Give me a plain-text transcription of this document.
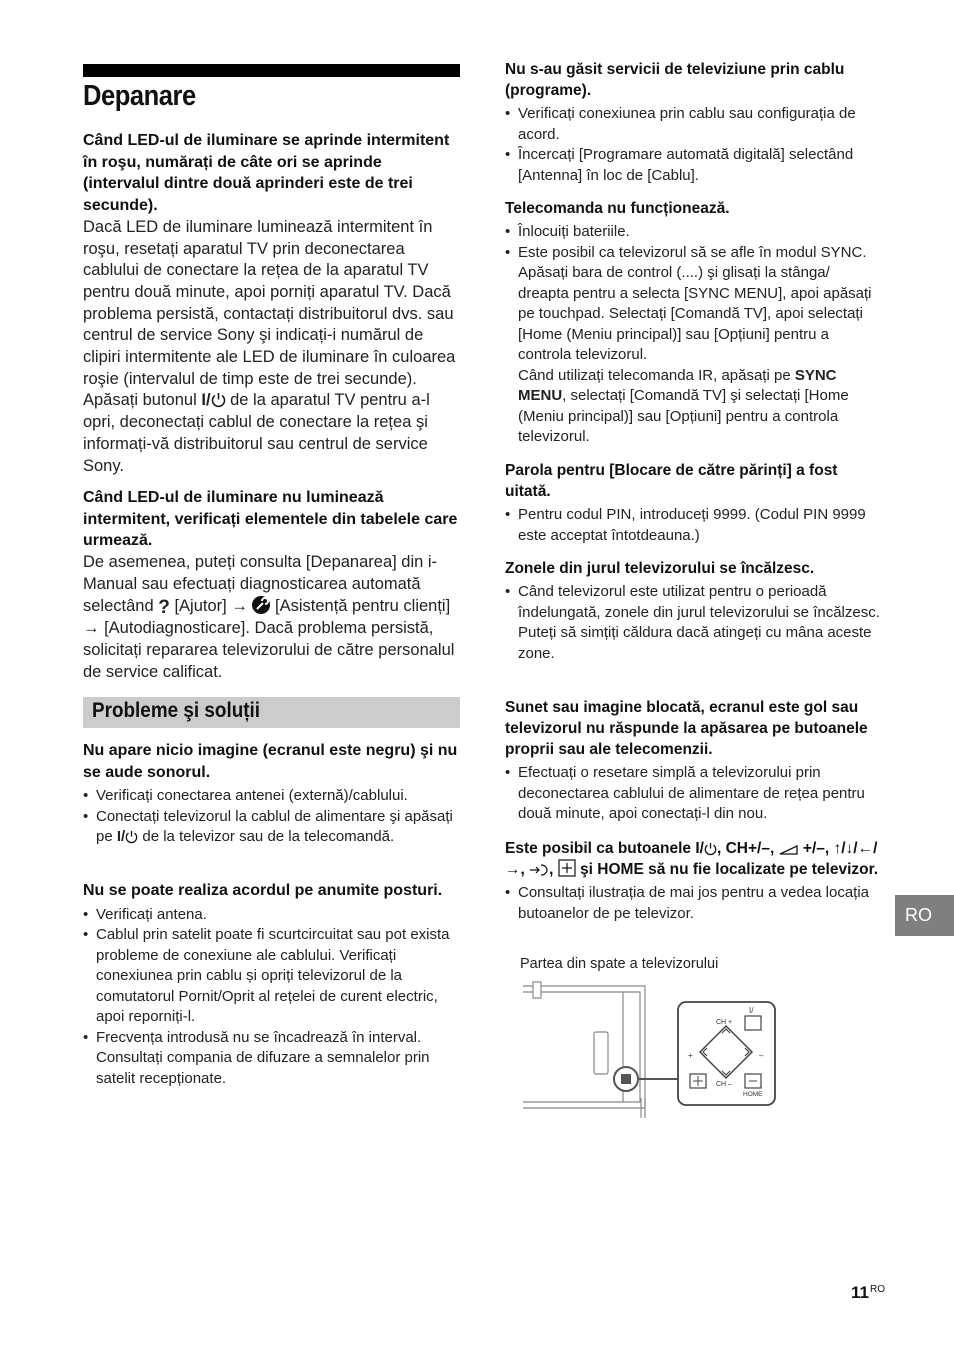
Depanare
Când LED-ul de iluminare se aprinde intermitent în roşu, numărați de câte ori se aprinde (intervalul dintre două aprinderi este de trei secunde).
Dacă LED de iluminare luminează intermitent în roşu, resetați aparatul TV prin deconectarea cablului de conectare la rețea de la aparatul TV pentru două minute, apoi porniți aparatul TV. Dacă problema persistă, contactați distribuitorul dvs. sau centrul de service Sony şi indicați-i numărul de clipiri intermitente ale LED de iluminare în culoarea roşie (intervalul de timp este de trei secunde). Apăsați butonul I/ de la aparatul TV pentru a-l opri, deconectați cablul de conectare la rețea şi informați-vă distribuitorul sau centrul de service Sony.
Când LED-ul de iluminare nu luminează intermitent, verificați elementele din tabelele care urmează.
De asemenea, puteți consulta [Depanarea] din i-Manual sau efectuați diagnosticarea automată selectând ? [Ajutor] → [Asistență pentru clienți] → [Autodiagnosticare]. Dacă problema persistă, solicitați repararea televizorului de către personalul de service calificat.
Probleme şi soluții
Nu apare nicio imagine (ecranul este negru) şi nu se aude sonorul.
• Verificați conectarea antenei (externă)/cablului.
• Conectați televizorul la cablul de alimentare şi apăsați pe I/ de la televizor sau de la telecomandă.
Nu se poate realiza acordul pe anumite posturi.
• Verificați antena.
• Cablul prin satelit poate fi scurtcircuitat sau pot exista probleme de conexiune ale cablului. Verificați conexiunea prin cablu și opriți televizorul de la comutatorul Pornit/Oprit al rețelei de curent electric, apoi reporniți-l.
• Frecvența introdusă nu se încadrează în interval. Consultați compania de difuzare a semnalelor prin satelit recepționate.
Nu s-au găsit servicii de televiziune prin cablu (programe).
• Verificați conexiunea prin cablu sau configurația de acord.
• Încercați [Programare automată digitală] selectând [Antenna] în loc de [Cablu].
Telecomanda nu funcționează.
• Înlocuiți bateriile.
• Este posibil ca televizorul să se afle în modul SYNC. Apăsați bara de control (....) şi glisați la stânga/ dreapta pentru a selecta [SYNC MENU], apoi apăsați pe touchpad. Selectați [Comandă TV], apoi selectați [Home (Meniu principal)] sau [Opțiuni] pentru a controla televizorul.
Când utilizați telecomanda IR, apăsați pe SYNC MENU, selectați [Comandă TV] şi selectați [Home (Meniu principal)] sau [Opțiuni] pentru a controla televizorul.
Parola pentru [Blocare de către părinți] a fost uitată.
• Pentru codul PIN, introduceți 9999. (Codul PIN 9999 este acceptat întotdeauna.)
Zonele din jurul televizorului se încălzesc.
• Când televizorul este utilizat pentru o perioadă îndelungată, zonele din jurul televizorului se încălzesc.
Puteți să simțiți căldura dacă atingeți cu mâna aceste zone.
Sunet sau imagine blocată, ecranul este gol sau televizorul nu răspunde la apăsarea pe butoanele proprii sau ale telecomenzii.
• Efectuați o resetare simplă a televizorului prin deconectarea cablului de alimentare de rețea pentru două minute, apoi conectați-l din nou.
Este posibil ca butoanele I/ , CH+/–, +/–, ↑/↓/←/→, ,  şi HOME să nu fie localizate pe televizor.
• Consultați ilustrația de mai jos pentru a vedea locația butoanelor de pe televizor.
Partea din spate a televizorului
I/
CH +
CH –
+	–
HOME
RO
$11^{RO}$
